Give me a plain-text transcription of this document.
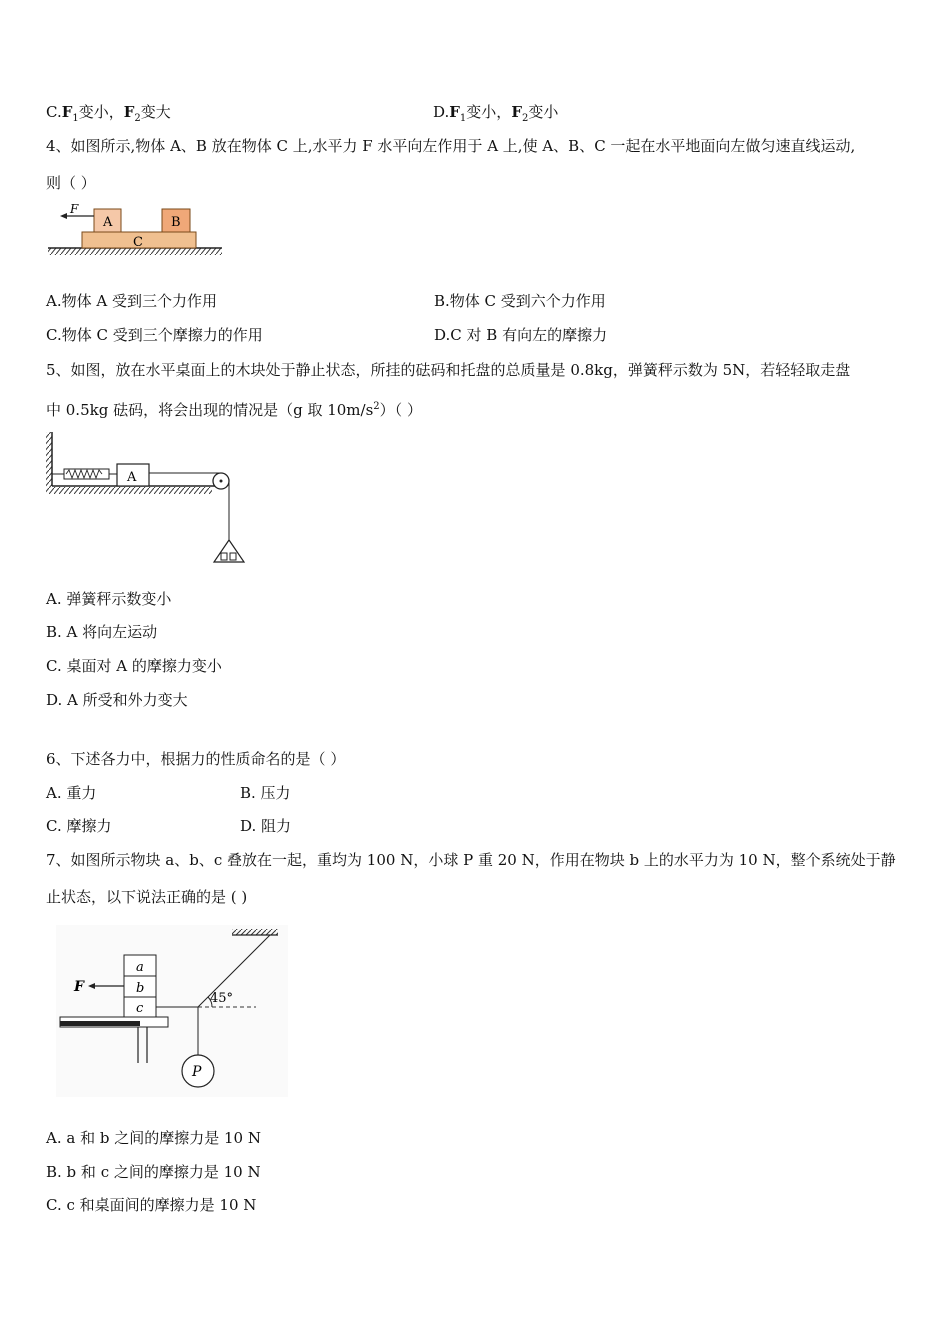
$C.F_1$变小，$F_2$变大	$D.F_1$变小，$F_2$变小
4、如图所示,物体 A、B 放在物体 C 上,水平力 F 水平向左作用于 A 上,使 A、B、C 一起在水平地面向左做匀速直线运动,
则（ ）
F
A	B
C
A.物体 A 受到三个力作用	B.物体 C 受到六个力作用
C.物体 C 受到三个摩擦力的作用	D.C 对 B 有向左的摩擦力
5、如图，放在水平桌面上的木块处于静止状态，所挂的砝码和托盘的总质量是 0.8kg，弹簧秤示数为 5N，若轻轻取走盘
中 0.5kg 砝码，将会出现的情况是（g 取 $10m/s^2$）（ ）
A
A. 弹簧秤示数变小
B. A 将向左运动
C. 桌面对 A 的摩擦力变小
D. A 所受和外力变大
6、下述各力中，根据力的性质命名的是（ ）
A. 重力	B. 压力
C. 摩擦力	D. 阻力
7、如图所示物块 a、b、c 叠放在一起，重均为 100 N，小球 P 重 20 N，作用在物块 b 上的水平力为 10 N，整个系统处于静
止状态，以下说法正确的是 ( )
a
b
c
F
45°
P
A. a 和 b 之间的摩擦力是 10 N
B. b 和 c 之间的摩擦力是 10 N
C. c 和桌面间的摩擦力是 10 N
